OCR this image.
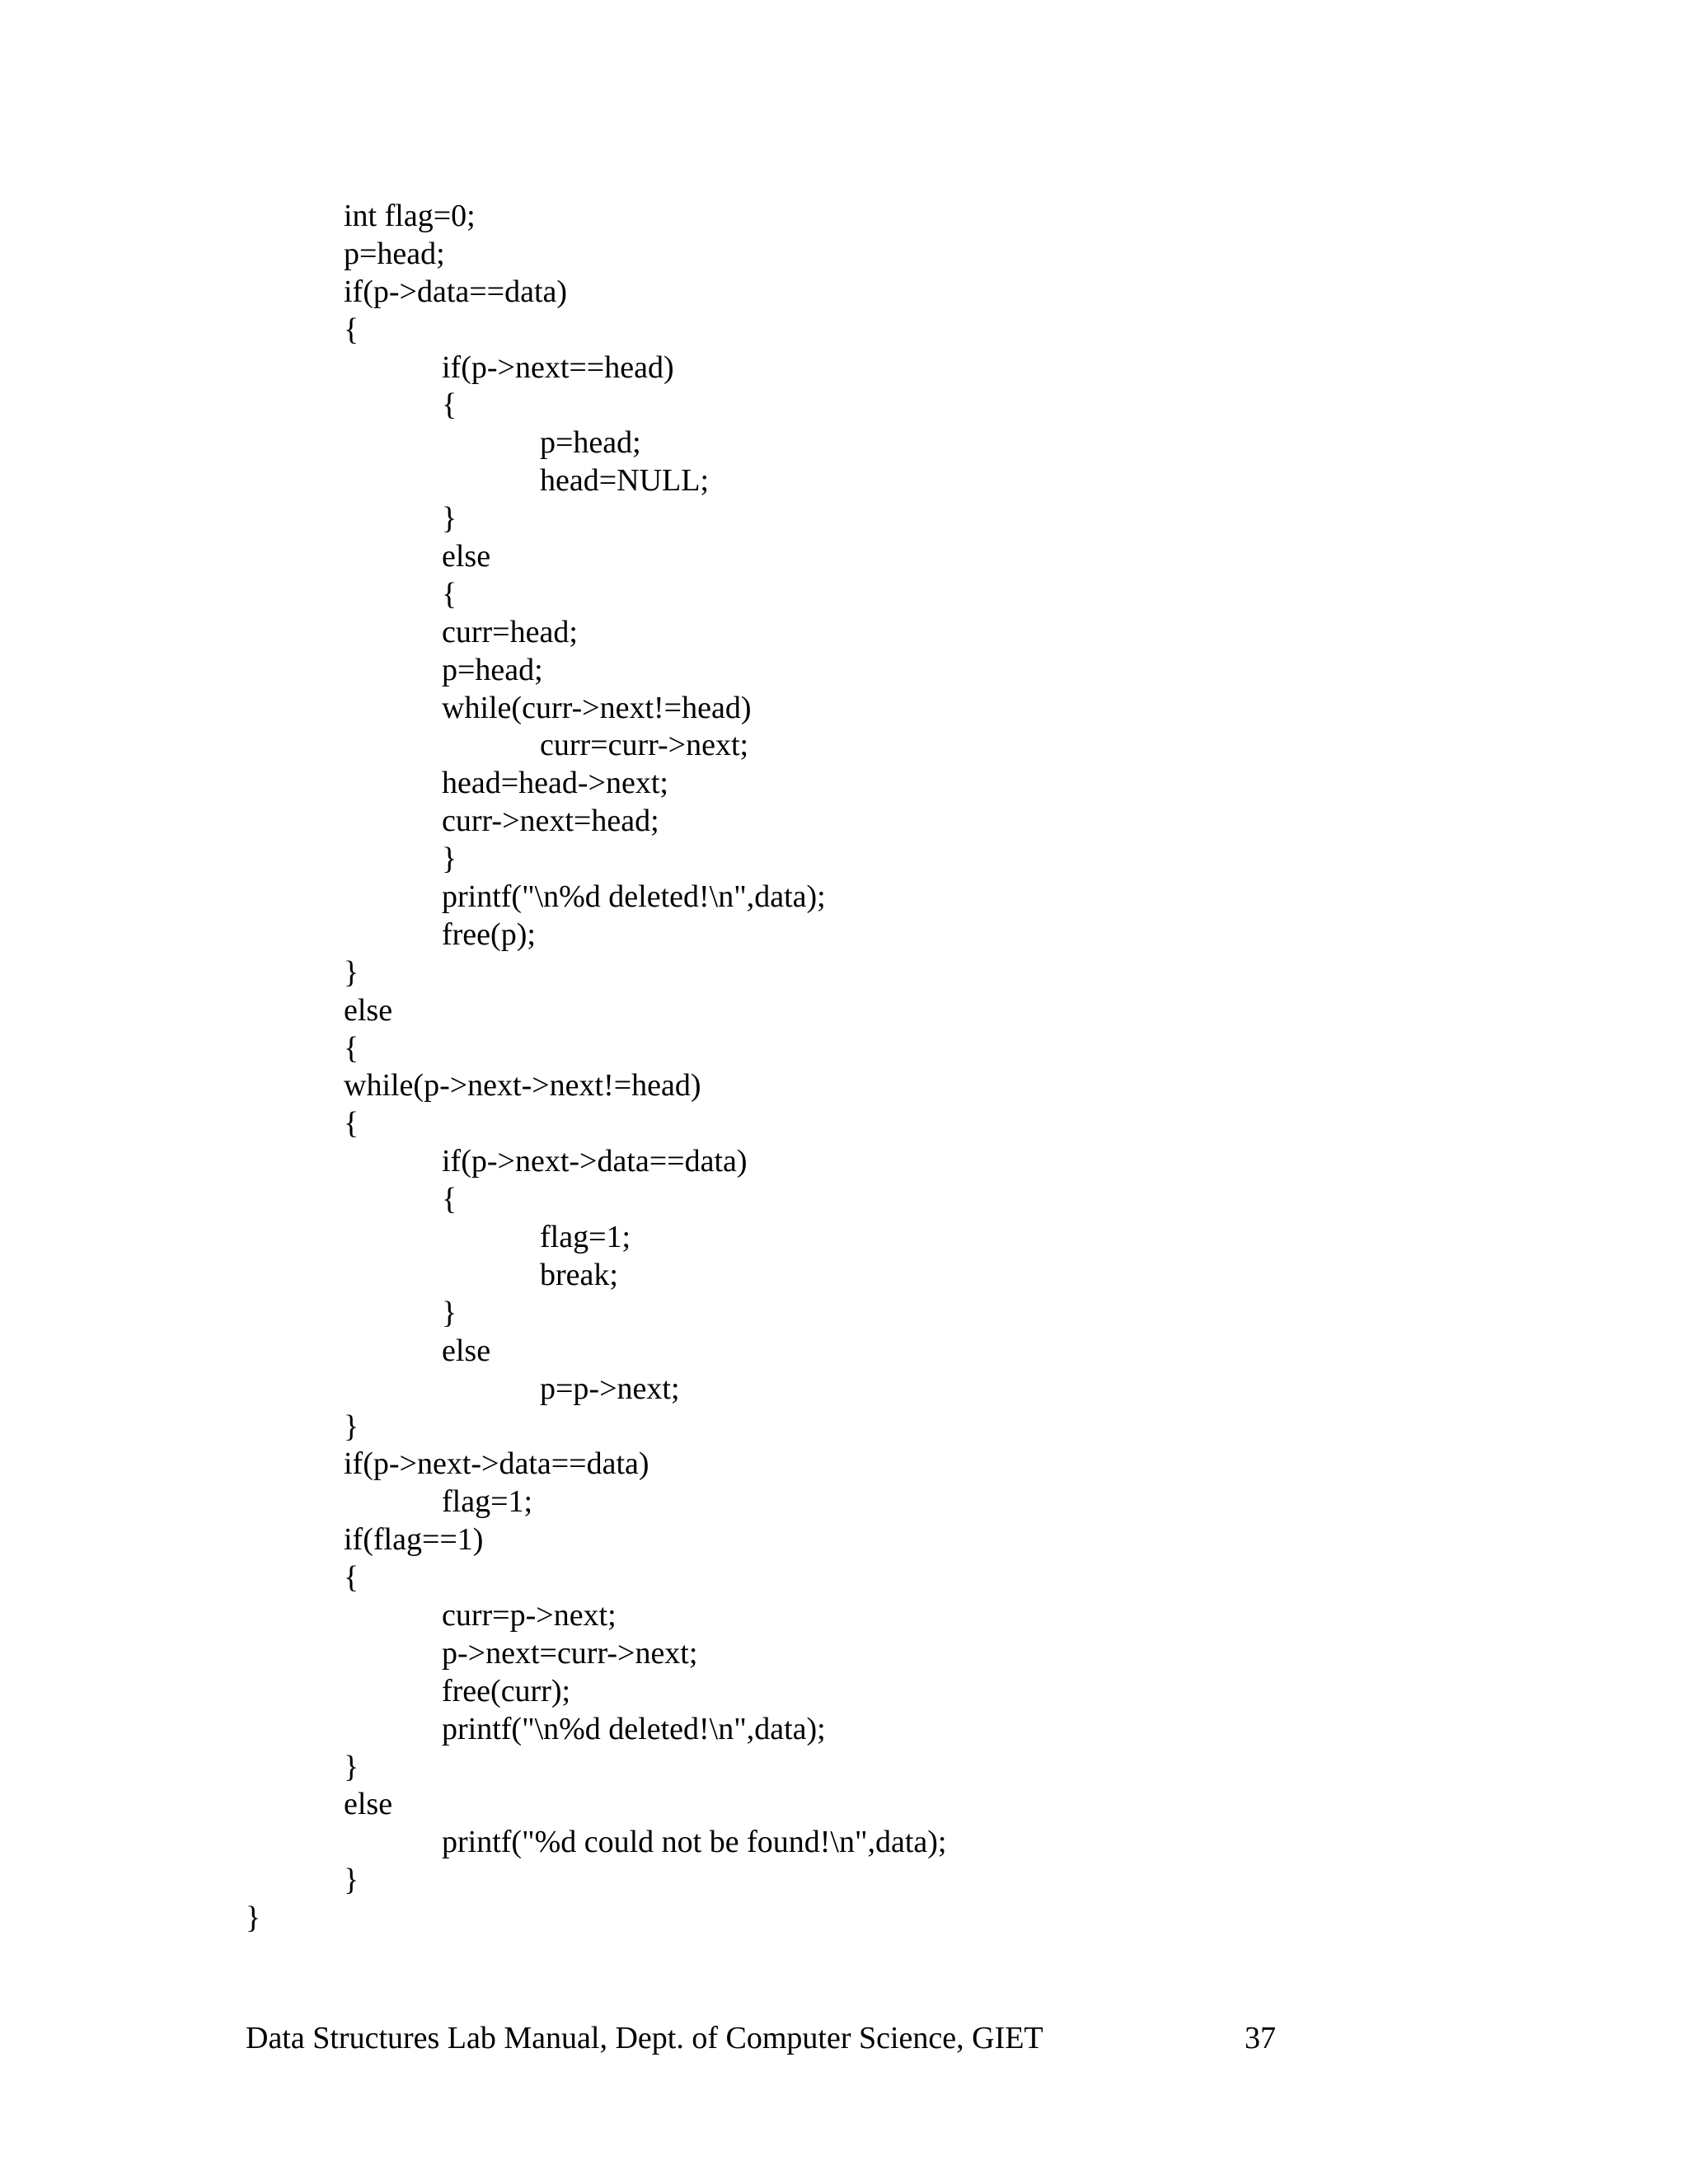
int flag=0;
p=head;
if(p->data==data)
{
if(p->next==head)
{
p=head;
head=NULL;
}
else
{
curr=head;
p=head;
while(curr->next!=head)
curr=curr->next;
head=head->next;
curr->next=head;
}
printf("\n%d deleted!\n",data);
free(p);
}
else
{
while(p->next->next!=head)
{
if(p->next->data==data)
{
flag=1;
break;
}
else
p=p->next;
}
if(p->next->data==data)
flag=1;
if(flag==1)
{
curr=p->next;
p->next=curr->next;
free(curr);
printf("\n%d deleted!\n",data);
}
else
printf("%d could not be found!\n",data);
}
}
Data Structures Lab Manual, Dept. of Computer Science, GIET	37
